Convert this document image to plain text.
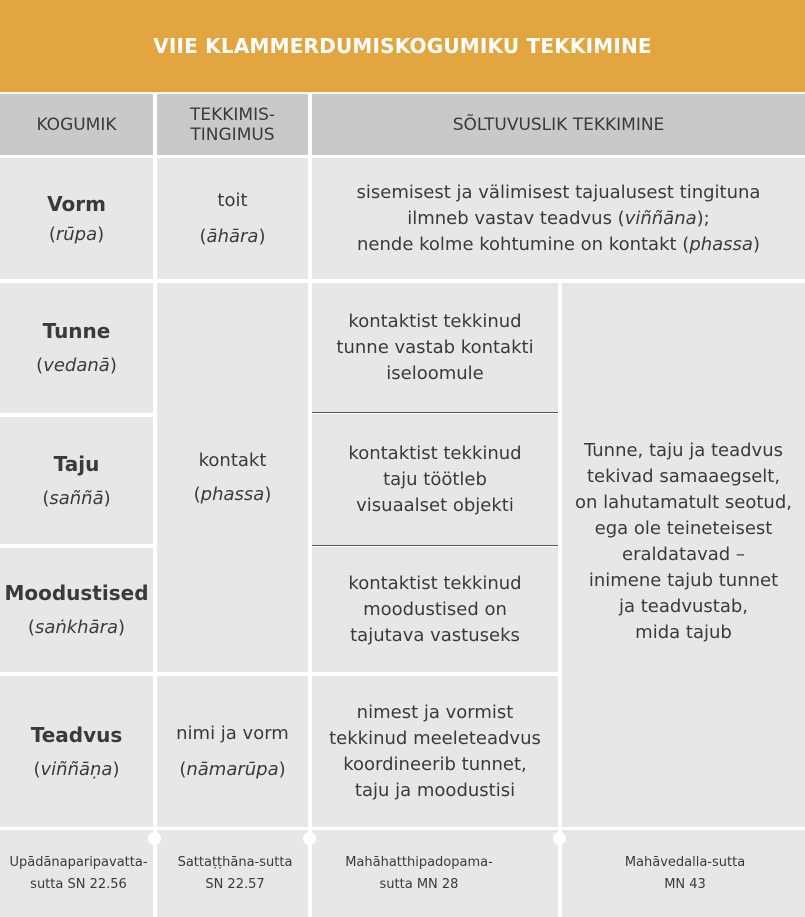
VIIE KLAMMERDUMISKOGUMIKU TEKKIMINE
KOGUMIK	TEKKIMIS-
TINGIMUS	SÕLTUVUSLIK TEKKIMINE
Vorm
(rūpa)
toit
(āhāra)
sisemisest ja välimisest tajualusest tingituna
ilmneb vastav teadvus (viññāna);
nende kolme kohtumine on kontakt (phassa)
Tunne
(vedanā)
kontaktist tekkinud
tunne vastab kontakti
iseloomule
Taju
(saññā)
kontaktist tekkinud
taju töötleb
visuaalset objekti
Moodustised
(saṅkhāra)
kontaktist tekkinud
moodustised on
tajutava vastuseks
kontakt
(phassa)
Tunne, taju ja teadvus
tekivad samaaegselt,
on lahutamatult seotud,
ega ole teineteisest
eraldatavad –
inimene tajub tunnet
ja teadvustab,
mida tajub
Teadvus
(viññāṇa)
nimi ja vorm
(nāmarūpa)
nimest ja vormist
tekkinud meeleteadvus
koordineerib tunnet,
taju ja moodustisi
Upādānaparipavatta-
sutta SN 22.56
Sattaṭṭhāna-sutta
SN 22.57
Mahāhatthipadopama-
sutta MN 28
Mahāvedalla-sutta
MN 43
